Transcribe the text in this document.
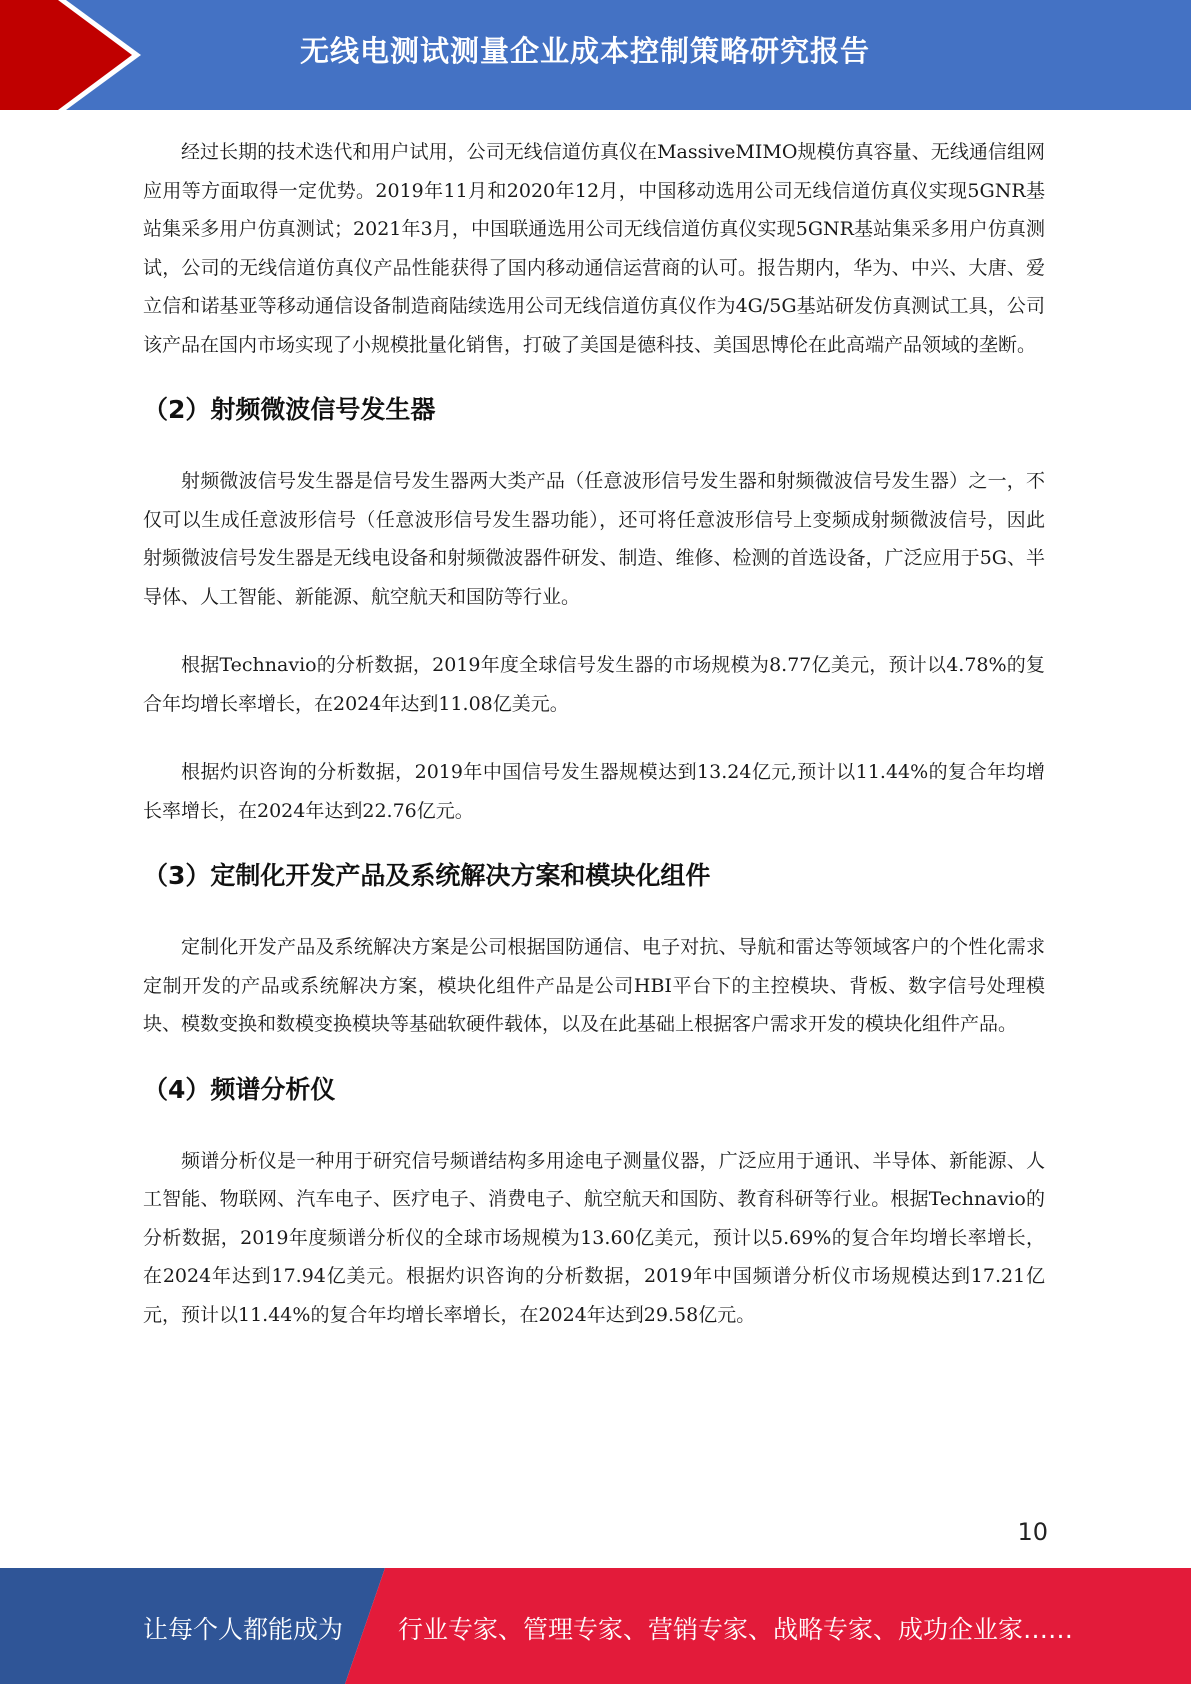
无线电测试测量企业成本控制策略研究报告

经过长期的技术迭代和用户试用，公司无线信道仿真仪在MassiveMIMO规模仿真容量、无线通信组网应用等方面取得一定优势。2019年11月和2020年12月，中国移动选用公司无线信道仿真仪实现5GNR基站集采多用户仿真测试；2021年3月，中国联通选用公司无线信道仿真仪实现5GNR基站集采多用户仿真测试，公司的无线信道仿真仪产品性能获得了国内移动通信运营商的认可。报告期内，华为、中兴、大唐、爱立信和诺基亚等移动通信设备制造商陆续选用公司无线信道仿真仪作为4G/5G基站研发仿真测试工具，公司该产品在国内市场实现了小规模批量化销售，打破了美国是德科技、美国思博伦在此高端产品领域的垄断。

（2）射频微波信号发生器

射频微波信号发生器是信号发生器两大类产品（任意波形信号发生器和射频微波信号发生器）之一，不仅可以生成任意波形信号（任意波形信号发生器功能），还可将任意波形信号上变频成射频微波信号，因此射频微波信号发生器是无线电设备和射频微波器件研发、制造、维修、检测的首选设备，广泛应用于5G、半导体、人工智能、新能源、航空航天和国防等行业。

根据Technavio的分析数据，2019年度全球信号发生器的市场规模为8.77亿美元，预计以4.78%的复合年均增长率增长，在2024年达到11.08亿美元。

根据灼识咨询的分析数据，2019年中国信号发生器规模达到13.24亿元,预计以11.44%的复合年均增长率增长，在2024年达到22.76亿元。

（3）定制化开发产品及系统解决方案和模块化组件

定制化开发产品及系统解决方案是公司根据国防通信、电子对抗、导航和雷达等领域客户的个性化需求定制开发的产品或系统解决方案，模块化组件产品是公司HBI平台下的主控模块、背板、数字信号处理模块、模数变换和数模变换模块等基础软硬件载体，以及在此基础上根据客户需求开发的模块化组件产品。

（4）频谱分析仪

频谱分析仪是一种用于研究信号频谱结构多用途电子测量仪器，广泛应用于通讯、半导体、新能源、人工智能、物联网、汽车电子、医疗电子、消费电子、航空航天和国防、教育科研等行业。根据Technavio的分析数据，2019年度频谱分析仪的全球市场规模为13.60亿美元，预计以5.69%的复合年均增长率增长，在2024年达到17.94亿美元。根据灼识咨询的分析数据，2019年中国频谱分析仪市场规模达到17.21亿元，预计以11.44%的复合年均增长率增长，在2024年达到29.58亿元。

10
让每个人都能成为 行业专家、管理专家、营销专家、战略专家、成功企业家……
